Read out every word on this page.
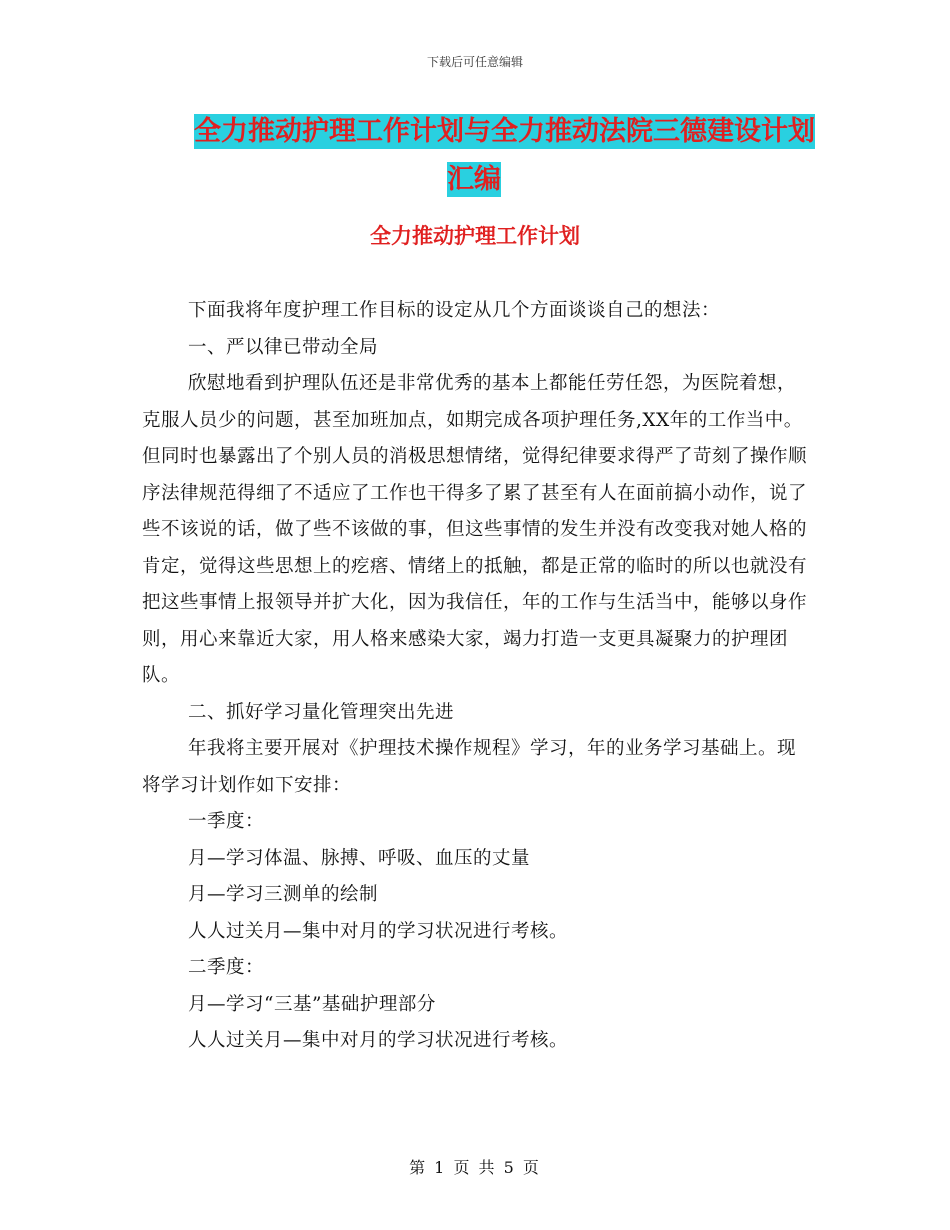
下载后可任意编辑
全力推动护理工作计划与全力推动法院三德建设计划
汇编
全力推动护理工作计划

下面我将年度护理工作目标的设定从几个方面谈谈自己的想法：

一、严以律已带动全局

欣慰地看到护理队伍还是非常优秀的基本上都能任劳任怨，为医院着想，克服人员少的问题，甚至加班加点，如期完成各项护理任务,XX年的工作当中。但同时也暴露出了个别人员的消极思想情绪，觉得纪律要求得严了苛刻了操作顺序法律规范得细了不适应了工作也干得多了累了甚至有人在面前搞小动作，说了些不该说的话，做了些不该做的事，但这些事情的发生并没有改变我对她人格的肯定，觉得这些思想上的疙瘩、情绪上的抵触，都是正常的临时的所以也就没有把这些事情上报领导并扩大化，因为我信任，年的工作与生活当中，能够以身作则，用心来靠近大家，用人格来感染大家，竭力打造一支更具凝聚力的护理团队。

二、抓好学习量化管理突出先进

年我将主要开展对《护理技术操作规程》学习，年的业务学习基础上。现将学习计划作如下安排：

一季度：

月—学习体温、脉搏、呼吸、血压的丈量

月—学习三测单的绘制

人人过关月—集中对月的学习状况进行考核。

二季度：

月—学习“三基”基础护理部分

人人过关月—集中对月的学习状况进行考核。

第 1 页 共 5 页
